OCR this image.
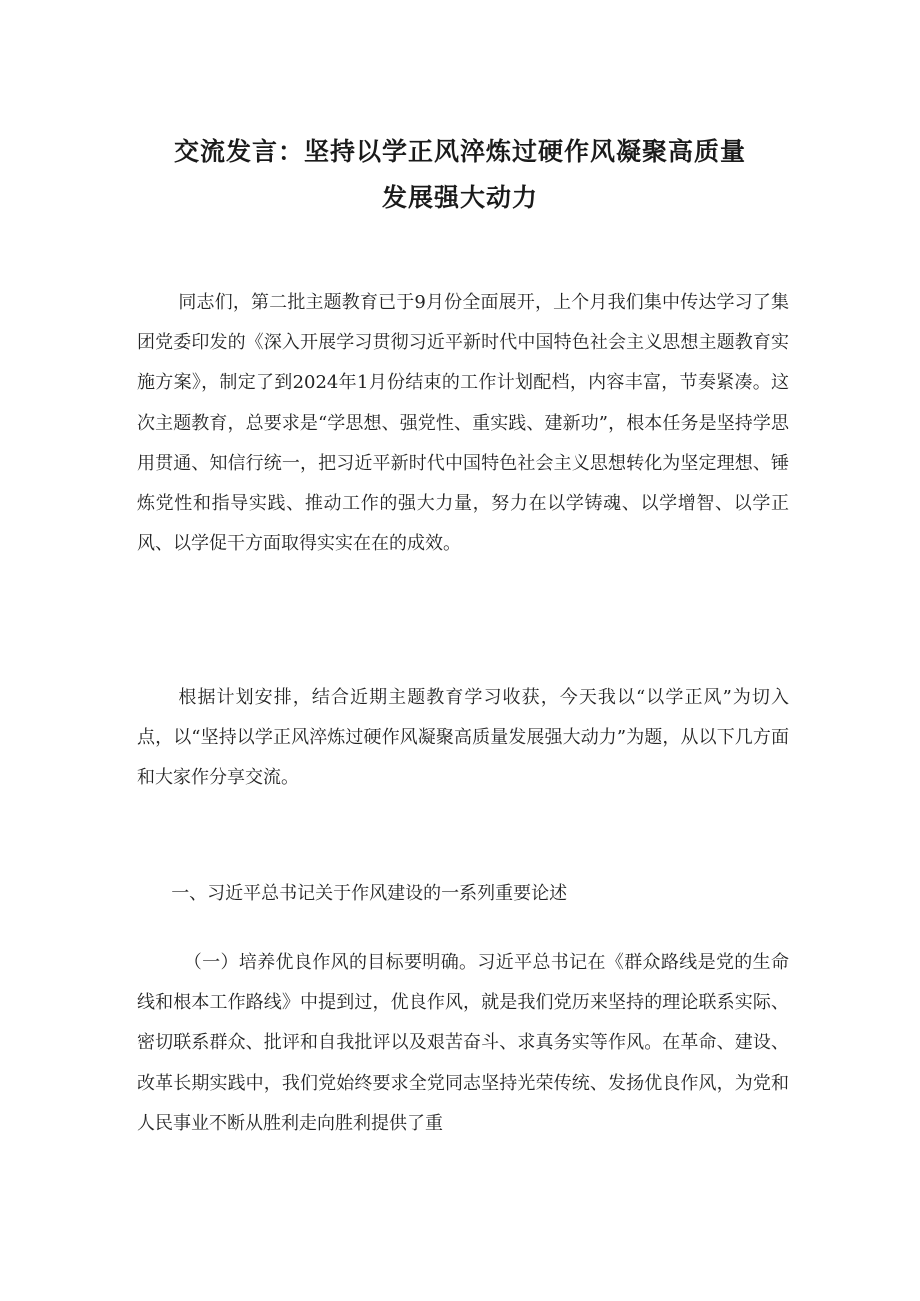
交流发言：坚持以学正风淬炼过硬作风凝聚高质量
发展强大动力

同志们，第二批主题教育已于9月份全面展开，上个月我们集中传达学习了集团党委印发的《深入开展学习贯彻习近平新时代中国特色社会主义思想主题教育实施方案》，制定了到2024年1月份结束的工作计划配档，内容丰富，节奏紧凑。这次主题教育，总要求是“学思想、强党性、重实践、建新功”，根本任务是坚持学思用贯通、知信行统一，把习近平新时代中国特色社会主义思想转化为坚定理想、锤炼党性和指导实践、推动工作的强大力量，努力在以学铸魂、以学增智、以学正风、以学促干方面取得实实在在的成效。

根据计划安排，结合近期主题教育学习收获，今天我以“以学正风”为切入点，以“坚持以学正风淬炼过硬作风凝聚高质量发展强大动力”为题，从以下几方面和大家作分享交流。

一、习近平总书记关于作风建设的一系列重要论述

（一）培养优良作风的目标要明确。习近平总书记在《群众路线是党的生命线和根本工作路线》中提到过，优良作风，就是我们党历来坚持的理论联系实际、密切联系群众、批评和自我批评以及艰苦奋斗、求真务实等作风。在革命、建设、改革长期实践中，我们党始终要求全党同志坚持光荣传统、发扬优良作风，为党和人民事业不断从胜利走向胜利提供了重
